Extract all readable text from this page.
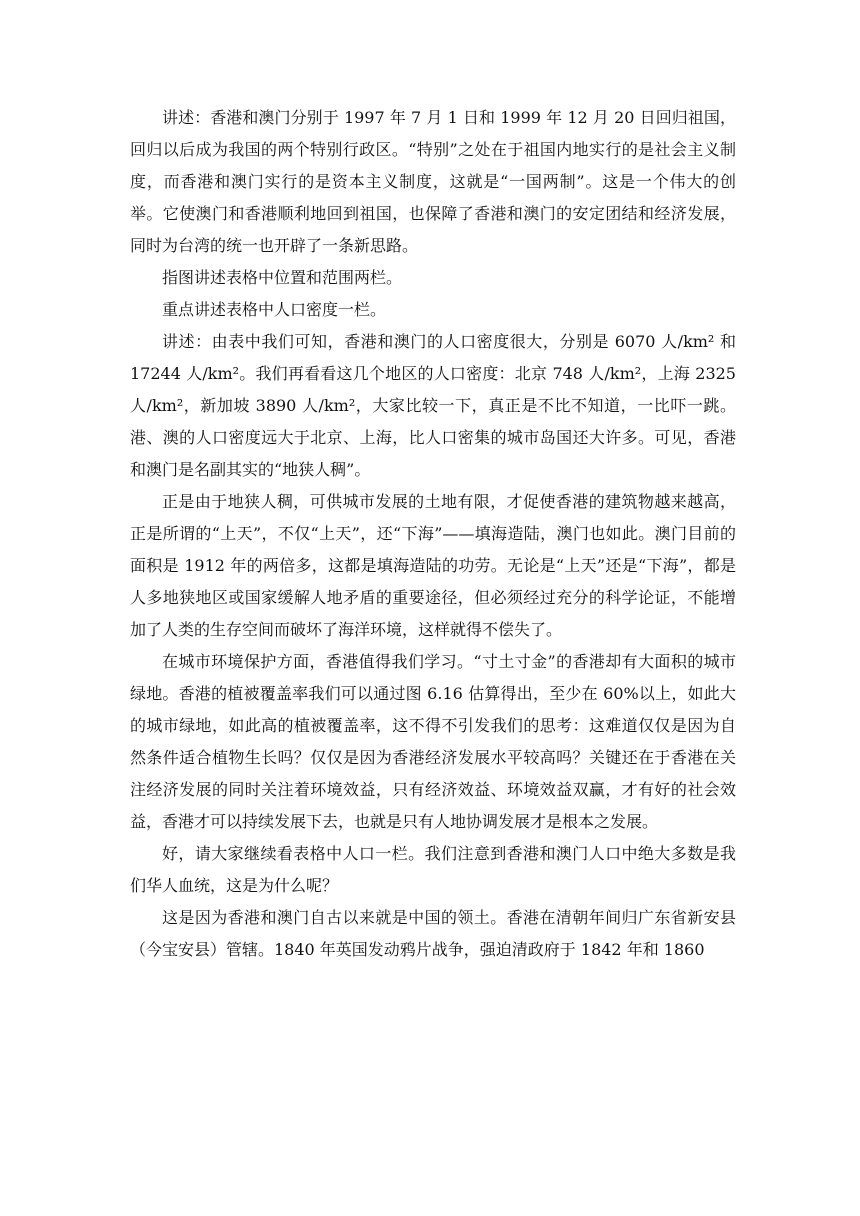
讲述：香港和澳门分别于 1997 年 7 月 1 日和 1999 年 12 月 20 日回归祖国，回归以后成为我国的两个特别行政区。“特别”之处在于祖国内地实行的是社会主义制度，而香港和澳门实行的是资本主义制度，这就是“一国两制”。这是一个伟大的创举。它使澳门和香港顺利地回到祖国，也保障了香港和澳门的安定团结和经济发展，同时为台湾的统一也开辟了一条新思路。

指图讲述表格中位置和范围两栏。

重点讲述表格中人口密度一栏。

讲述：由表中我们可知，香港和澳门的人口密度很大，分别是 6070 人/km² 和 17244 人/km²。我们再看看这几个地区的人口密度：北京 748 人/km²，上海 2325 人/km²，新加坡 3890 人/km²，大家比较一下，真正是不比不知道，一比吓一跳。港、澳的人口密度远大于北京、上海，比人口密集的城市岛国还大许多。可见，香港和澳门是名副其实的“地狭人稠”。

正是由于地狭人稠，可供城市发展的土地有限，才促使香港的建筑物越来越高，正是所谓的“上天”，不仅“上天”，还“下海”——填海造陆，澳门也如此。澳门目前的面积是 1912 年的两倍多，这都是填海造陆的功劳。无论是“上天”还是“下海”，都是人多地狭地区或国家缓解人地矛盾的重要途径，但必须经过充分的科学论证，不能增加了人类的生存空间而破坏了海洋环境，这样就得不偿失了。

在城市环境保护方面，香港值得我们学习。“寸土寸金”的香港却有大面积的城市绿地。香港的植被覆盖率我们可以通过图 6.16 估算得出，至少在 60%以上，如此大的城市绿地，如此高的植被覆盖率，这不得不引发我们的思考：这难道仅仅是因为自然条件适合植物生长吗？仅仅是因为香港经济发展水平较高吗？关键还在于香港在关注经济发展的同时关注着环境效益，只有经济效益、环境效益双赢，才有好的社会效益，香港才可以持续发展下去，也就是只有人地协调发展才是根本之发展。

好，请大家继续看表格中人口一栏。我们注意到香港和澳门人口中绝大多数是我们华人血统，这是为什么呢？

这是因为香港和澳门自古以来就是中国的领土。香港在清朝年间归广东省新安县（今宝安县）管辖。1840 年英国发动鸦片战争，强迫清政府于 1842 年和 1860
